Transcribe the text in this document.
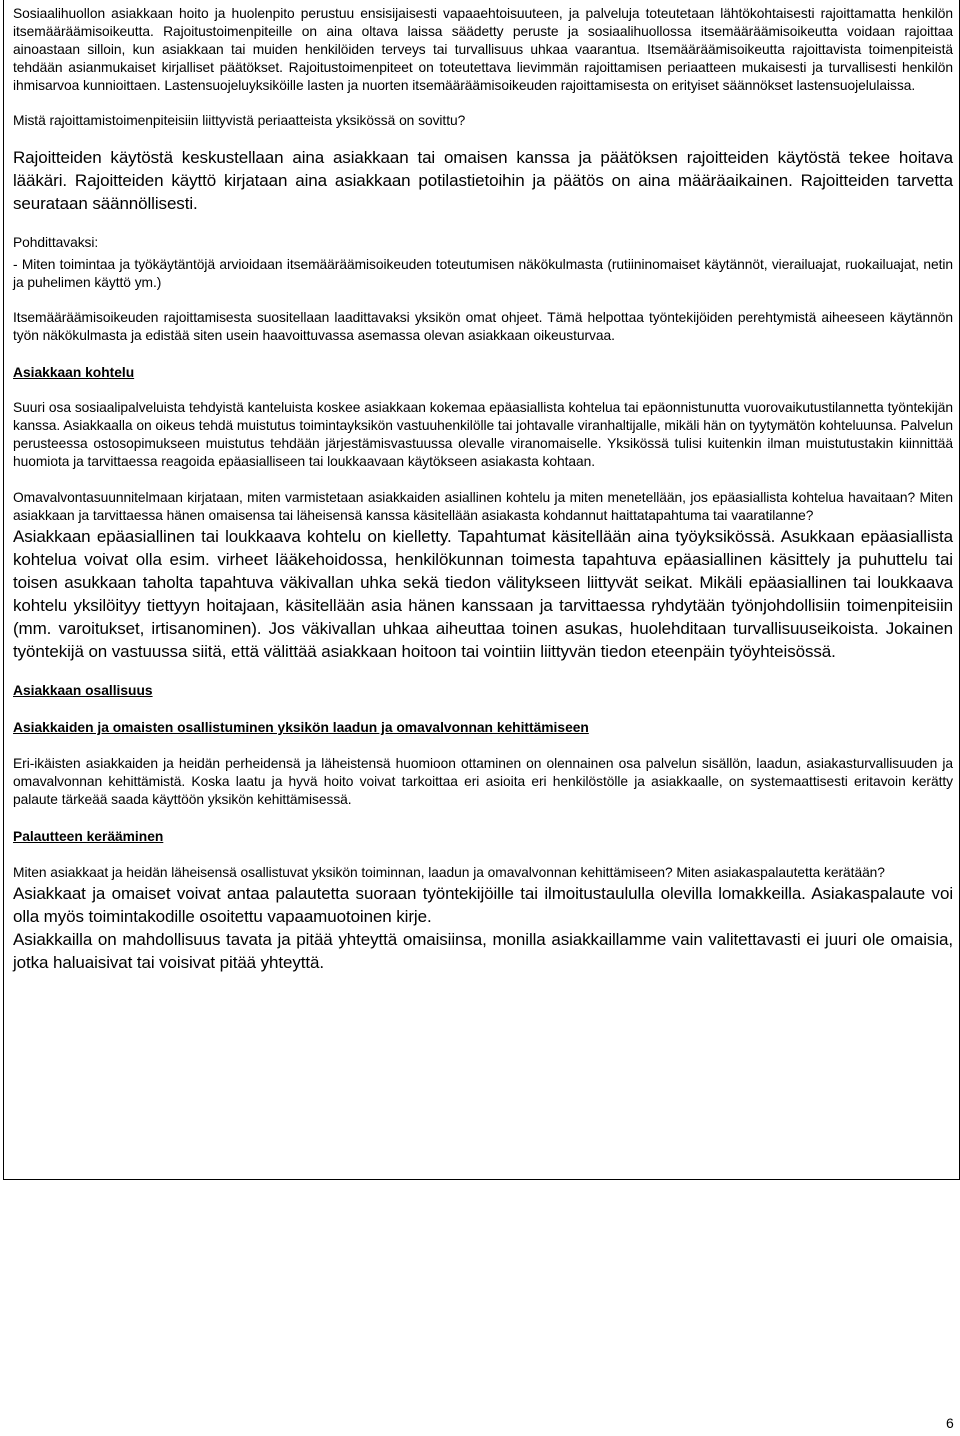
Sosiaalihuollon asiakkaan hoito ja huolenpito perustuu ensisijaisesti vapaaehtoisuuteen, ja palveluja toteutetaan lähtökohtaisesti rajoittamatta henkilön itsemääräämisoikeutta. Rajoitustoimenpiteille on aina oltava laissa säädetty peruste ja sosiaalihuollossa itsemääräämisoikeutta voidaan rajoittaa ainoastaan silloin, kun asiakkaan tai muiden henkilöiden terveys tai turvallisuus uhkaa vaarantua. Itsemääräämisoikeutta rajoittavista toimenpiteistä tehdään asianmukaiset kirjalliset päätökset. Rajoitustoimenpiteet on toteutettava lievimmän rajoittamisen periaatteen mukaisesti ja turvallisesti henkilön ihmisarvoa kunnioittaen. Lastensuojeluyksiköille lasten ja nuorten itsemääräämisoikeuden rajoittamisesta on erityiset säännökset lastensuojelulaissa.

Mistä rajoittamistoimenpiteisiin liittyvistä periaatteista yksikössä on sovittu?

Rajoitteiden käytöstä keskustellaan aina asiakkaan tai omaisen kanssa ja päätöksen rajoitteiden käytöstä tekee hoitava lääkäri. Rajoitteiden käyttö kirjataan aina asiakkaan potilastietoihin ja päätös on aina määräaikainen. Rajoitteiden tarvetta seurataan säännöllisesti.

Pohdittavaksi:

- Miten toimintaa ja työkäytäntöjä arvioidaan itsemääräämisoikeuden toteutumisen näkökulmasta (rutiininomaiset käytännöt, vierailuajat, ruokailuajat, netin ja puhelimen käyttö ym.)

Itsemääräämisoikeuden rajoittamisesta suositellaan laadittavaksi yksikön omat ohjeet. Tämä helpottaa työntekijöiden perehtymistä aiheeseen käytännön työn näkökulmasta ja edistää siten usein haavoittuvassa asemassa olevan asiakkaan oikeusturvaa.

Asiakkaan kohtelu

Suuri osa sosiaalipalveluista tehdyistä kanteluista koskee asiakkaan kokemaa epäasiallista kohtelua tai epäonnistunutta vuorovaikutustilannetta työntekijän kanssa. Asiakkaalla on oikeus tehdä muistutus toimintayksikön vastuuhenkilölle tai johtavalle viranhaltijalle, mikäli hän on tyytymätön kohteluunsa. Palvelun perusteessa ostosopimukseen muistutus tehdään järjestämisvastuussa olevalle viranomaiselle. Yksikössä tulisi kuitenkin ilman muistutustakin kiinnittää huomiota ja tarvittaessa reagoida epäasialliseen tai loukkaavaan käytökseen asiakasta kohtaan.

Omavalvontasuunnitelmaan kirjataan, miten varmistetaan asiakkaiden asiallinen kohtelu ja miten menetellään, jos epäasiallista kohtelua havaitaan? Miten asiakkaan ja tarvittaessa hänen omaisensa tai läheisensä kanssa käsitellään asiakasta kohdannut haittatapahtuma tai vaaratilanne?

Asiakkaan epäasiallinen tai loukkaava kohtelu on kielletty. Tapahtumat käsitellään aina työyksikössä. Asukkaan epäasiallista kohtelua voivat olla esim. virheet lääkehoidossa, henkilökunnan toimesta tapahtuva epäasiallinen käsittely ja puhuttelu tai toisen asukkaan taholta tapahtuva väkivallan uhka sekä tiedon välitykseen liittyvät seikat. Mikäli epäasiallinen tai loukkaava kohtelu yksilöityy tiettyyn hoitajaan, käsitellään asia hänen kanssaan ja tarvittaessa ryhdytään työnjohdollisiin toimenpiteisiin (mm. varoitukset, irtisanominen). Jos väkivallan uhkaa aiheuttaa toinen asukas, huolehditaan turvallisuuseikoista. Jokainen työntekijä on vastuussa siitä, että välittää asiakkaan hoitoon tai vointiin liittyvän tiedon eteenpäin työyhteisössä.

Asiakkaan osallisuus

Asiakkaiden ja omaisten osallistuminen yksikön laadun ja omavalvonnan kehittämiseen

Eri-ikäisten asiakkaiden ja heidän perheidensä ja läheistensä huomioon ottaminen on olennainen osa palvelun sisällön, laadun, asiakasturvallisuuden ja omavalvonnan kehittämistä. Koska laatu ja hyvä hoito voivat tarkoittaa eri asioita eri henkilöstölle ja asiakkaalle, on systemaattisesti eritavoin kerätty palaute tärkeää saada käyttöön yksikön kehittämisessä.

Palautteen kerääminen

Miten asiakkaat ja heidän läheisensä osallistuvat yksikön toiminnan, laadun ja omavalvonnan kehittämiseen? Miten asiakaspalautetta kerätään?

Asiakkaat ja omaiset voivat antaa palautetta suoraan työntekijöille tai ilmoitustaululla olevilla lomakkeilla. Asiakaspalaute voi olla myös toimintakodille osoitettu vapaamuotoinen kirje.

Asiakkailla on mahdollisuus tavata ja pitää yhteyttä omaisiinsa, monilla asiakkaillamme vain valitettavasti ei juuri ole omaisia, jotka haluaisivat tai voisivat pitää yhteyttä.

6
